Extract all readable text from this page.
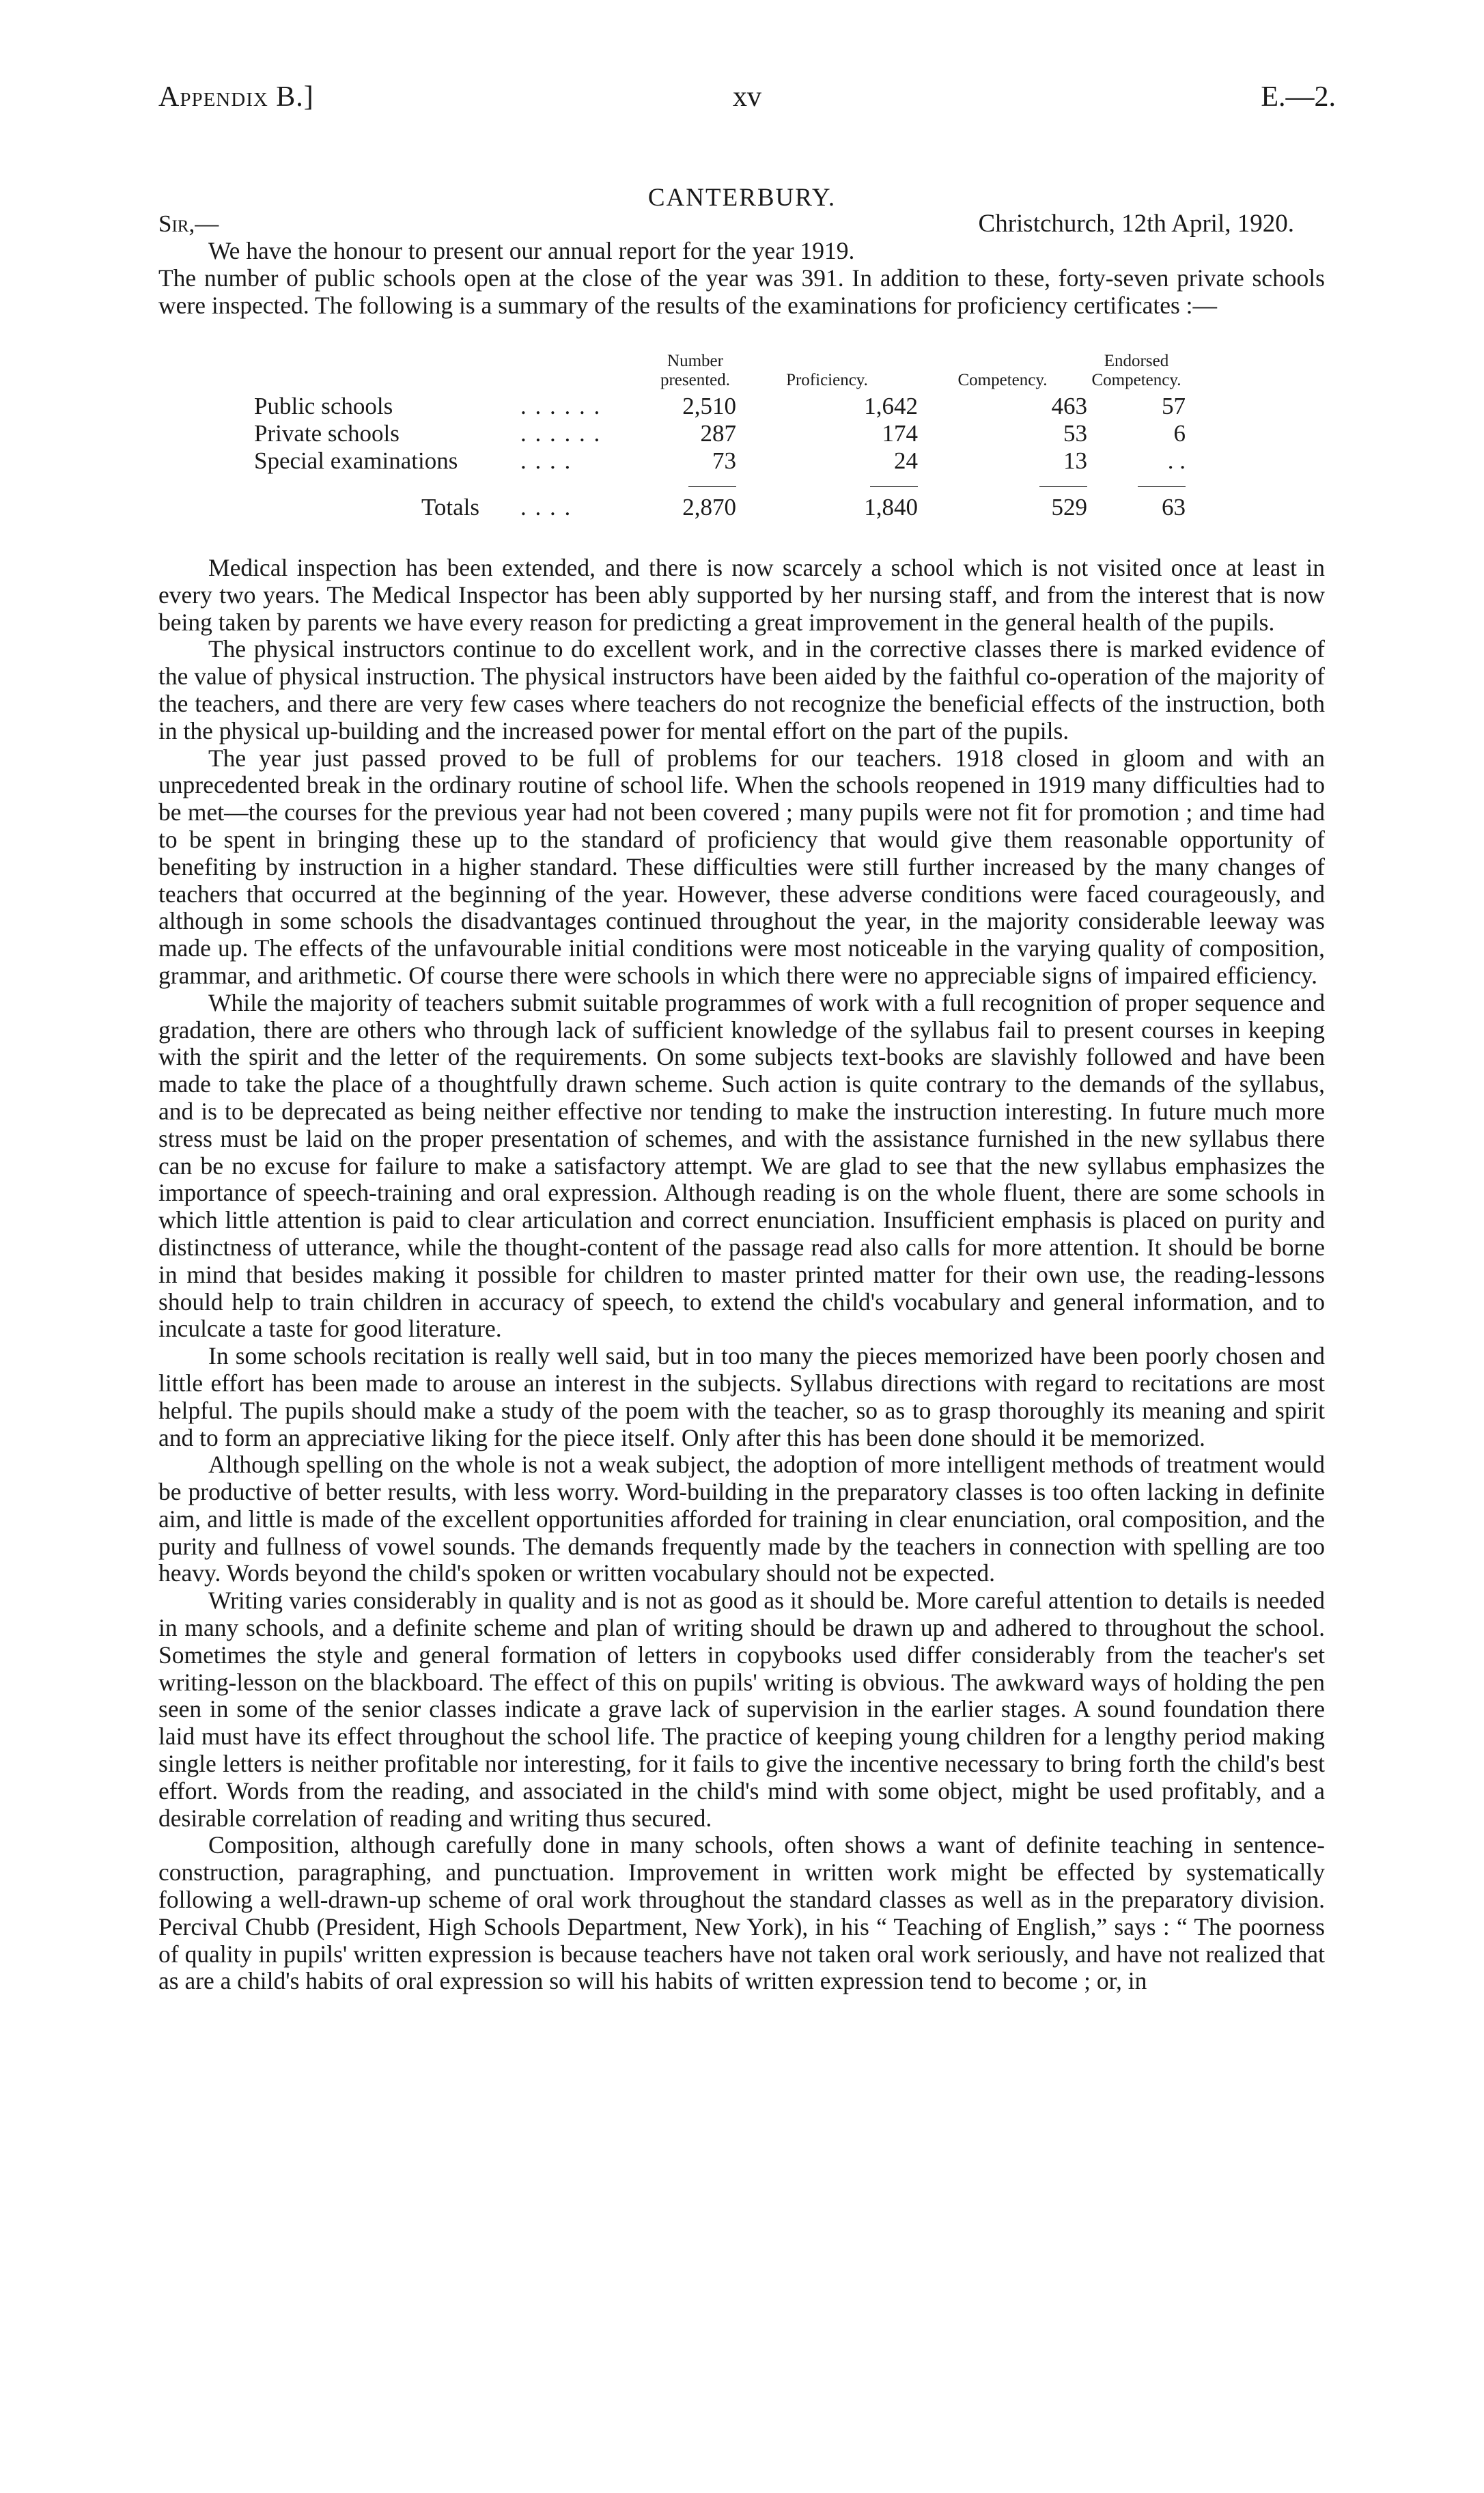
Appendix B.]	xv	E.—2.
CANTERBURY.
Sir,—	Christchurch, 12th April, 1920.

We have the honour to present our annual report for the year 1919.

The number of public schools open at the close of the year was 391. In addition to these, forty-seven private schools were inspected. The following is a summary of the results of the examinations for proficiency certificates :—

		Number presented.	Proficiency.	Competency.	Endorsed Competency.
Public schools	. . . . . .	2,510	1,642	463	57
Private schools	. . . . . .	287	174	53	6
Special examinations	. . . .	73	24	13	. .

Totals	. . . .	2,870	1,840	529	63

Medical inspection has been extended, and there is now scarcely a school which is not visited once at least in every two years. The Medical Inspector has been ably supported by her nursing staff, and from the interest that is now being taken by parents we have every reason for predicting a great improvement in the general health of the pupils.

The physical instructors continue to do excellent work, and in the corrective classes there is marked evidence of the value of physical instruction. The physical instructors have been aided by the faithful co-operation of the majority of the teachers, and there are very few cases where teachers do not recognize the beneficial effects of the instruction, both in the physical up-building and the increased power for mental effort on the part of the pupils.

The year just passed proved to be full of problems for our teachers. 1918 closed in gloom and with an unprecedented break in the ordinary routine of school life. When the schools reopened in 1919 many difficulties had to be met—the courses for the previous year had not been covered ; many pupils were not fit for promotion ; and time had to be spent in bringing these up to the standard of proficiency that would give them reasonable opportunity of benefiting by instruction in a higher standard. These difficulties were still further increased by the many changes of teachers that occurred at the beginning of the year. However, these adverse conditions were faced courageously, and although in some schools the disadvantages continued throughout the year, in the majority considerable leeway was made up. The effects of the unfavourable initial conditions were most noticeable in the varying quality of composition, grammar, and arithmetic. Of course there were schools in which there were no appreciable signs of impaired efficiency.

While the majority of teachers submit suitable programmes of work with a full recognition of proper sequence and gradation, there are others who through lack of sufficient knowledge of the syllabus fail to present courses in keeping with the spirit and the letter of the requirements. On some subjects text-books are slavishly followed and have been made to take the place of a thoughtfully drawn scheme. Such action is quite contrary to the demands of the syllabus, and is to be deprecated as being neither effective nor tending to make the instruction interesting. In future much more stress must be laid on the proper presentation of schemes, and with the assistance furnished in the new syllabus there can be no excuse for failure to make a satisfactory attempt. We are glad to see that the new syllabus emphasizes the importance of speech-training and oral expression. Although reading is on the whole fluent, there are some schools in which little attention is paid to clear articulation and correct enunciation. Insufficient emphasis is placed on purity and distinctness of utterance, while the thought-content of the passage read also calls for more attention. It should be borne in mind that besides making it possible for children to master printed matter for their own use, the reading-lessons should help to train children in accuracy of speech, to extend the child's vocabulary and general information, and to inculcate a taste for good literature.

In some schools recitation is really well said, but in too many the pieces memorized have been poorly chosen and little effort has been made to arouse an interest in the subjects. Syllabus directions with regard to recitations are most helpful. The pupils should make a study of the poem with the teacher, so as to grasp thoroughly its meaning and spirit and to form an appreciative liking for the piece itself. Only after this has been done should it be memorized.

Although spelling on the whole is not a weak subject, the adoption of more intelligent methods of treatment would be productive of better results, with less worry. Word-building in the preparatory classes is too often lacking in definite aim, and little is made of the excellent opportunities afforded for training in clear enunciation, oral composition, and the purity and fullness of vowel sounds. The demands frequently made by the teachers in connection with spelling are too heavy. Words beyond the child's spoken or written vocabulary should not be expected.

Writing varies considerably in quality and is not as good as it should be. More careful attention to details is needed in many schools, and a definite scheme and plan of writing should be drawn up and adhered to throughout the school. Sometimes the style and general formation of letters in copybooks used differ considerably from the teacher's set writing-lesson on the blackboard. The effect of this on pupils' writing is obvious. The awkward ways of holding the pen seen in some of the senior classes indicate a grave lack of supervision in the earlier stages. A sound foundation there laid must have its effect throughout the school life. The practice of keeping young children for a lengthy period making single letters is neither profitable nor interesting, for it fails to give the incentive necessary to bring forth the child's best effort. Words from the reading, and associated in the child's mind with some object, might be used profitably, and a desirable correlation of reading and writing thus secured.

Composition, although carefully done in many schools, often shows a want of definite teaching in sentence-construction, paragraphing, and punctuation. Improvement in written work might be effected by systematically following a well-drawn-up scheme of oral work throughout the standard classes as well as in the preparatory division. Percival Chubb (President, High Schools Department, New York), in his “ Teaching of English,” says : “ The poorness of quality in pupils' written expression is because teachers have not taken oral work seriously, and have not realized that as are a child's habits of oral expression so will his habits of written expression tend to become ; or, in
